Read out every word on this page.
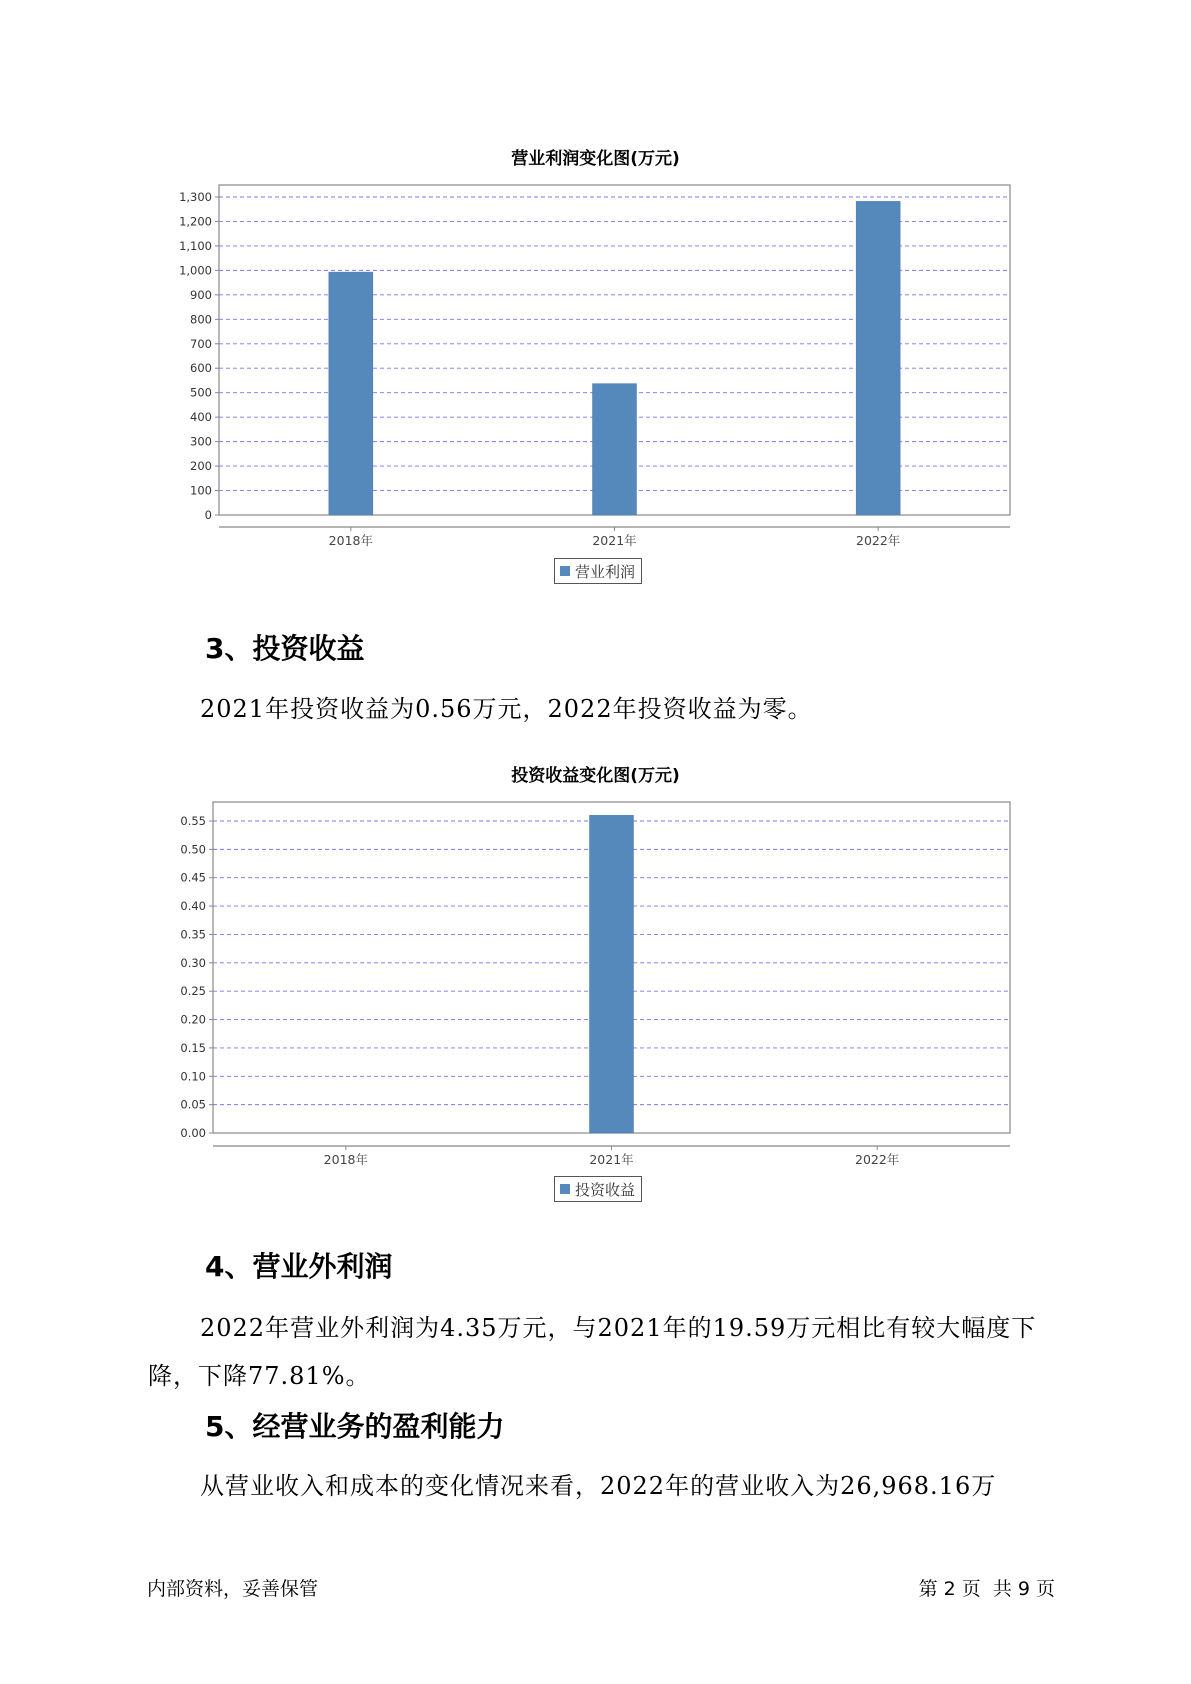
营业利润变化图(万元)
0
100
200
300
400
500
600
700
800
900
1,000
1,100
1,200
1,300
2018年	2021年	2022年
营业利润
3、投资收益
2021年投资收益为0.56万元，2022年投资收益为零。
投资收益变化图(万元)
0.00
0.05
0.10
0.15
0.20
0.25
0.30
0.35
0.40
0.45
0.50
0.55
2018年	2021年	2022年
投资收益
4、营业外利润
2022年营业外利润为4.35万元，与2021年的19.59万元相比有较大幅度下降，下降77.81%。
5、经营业务的盈利能力
从营业收入和成本的变化情况来看，2022年的营业收入为26,968.16万
内部资料，妥善保管	第 2 页  共 9 页
